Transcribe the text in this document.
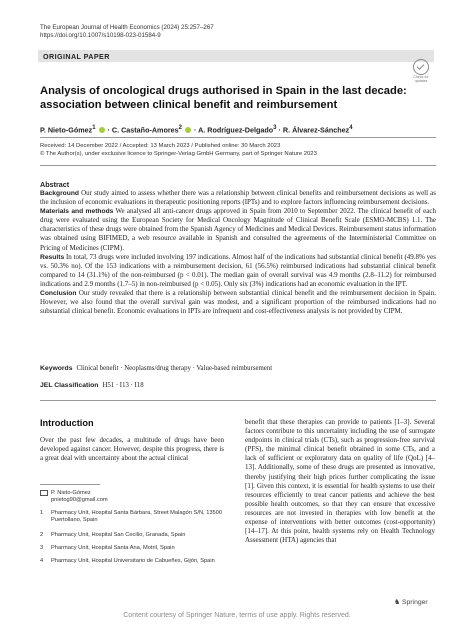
The European Journal of Health Economics (2024) 25:257–267
https://doi.org/10.1007/s10198-023-01584-9
ORIGINAL PAPER
Check for updates
Analysis of oncological drugs authorised in Spain in the last decade: association between clinical benefit and reimbursement
P. Nieto-Gómez$^1$  · C. Castaño-Amores$^2$  · A. Rodríguez-Delgado$^3$ · R. Álvarez-Sánchez$^4$
Received: 14 December 2022 / Accepted: 13 March 2023 / Published online: 30 March 2023
© The Author(s), under exclusive licence to Springer-Verlag GmbH Germany, part of Springer Nature 2023
Abstract

Background Our study aimed to assess whether there was a relationship between clinical benefits and reimbursement decisions as well as the inclusion of economic evaluations in therapeutic positioning reports (IPTs) and to explore factors influencing reimbursement decisions.

Materials and methods We analysed all anti-cancer drugs approved in Spain from 2010 to September 2022. The clinical benefit of each drug were evaluated using the European Society for Medical Oncology Magnitude of Clinical Benefit Scale (ESMO-MCBS) 1.1. The characteristics of these drugs were obtained from the Spanish Agency of Medicines and Medical Devices. Reimbursement status information was obtained using BIFIMED, a web resource available in Spanish and consulted the agreements of the Interministerial Committee on Pricing of Medicines (CIPM).

Results In total, 73 drugs were included involving 197 indications. Almost half of the indications had substantial clinical benefit (49.8% yes vs. 50.3% no). Of the 153 indications with a reimbursement decision, 61 (56.5%) reimbursed indications had substantial clinical benefit compared to 14 (31.1%) of the non-reimbursed (p < 0.01). The median gain of overall survival was 4.9 months (2.8–11.2) for reimbursed indications and 2.9 months (1.7–5) in non-reimbursed (p < 0.05). Only six (3%) indications had an economic evaluation in the IPT.

Conclusion Our study revealed that there is a relationship between substantial clinical benefit and the reimbursement decision in Spain. However, we also found that the overall survival gain was modest, and a significant proportion of the reimbursed indications had no substantial clinical benefit. Economic evaluations in IPTs are infrequent and cost-effectiveness analysis is not provided by CIPM.

Keywords Clinical benefit · Neoplasms/drug therapy · Value-based reimbursement
JEL Classification H51 · I13 · I18
Introduction

Over the past few decades, a multitude of drugs have been developed against cancer. However, despite this progress, there is a great deal with uncertainty about the actual clinical

P. Nieto-Gómez
pnietog90@gmail.com
1 Pharmacy Unit, Hospital Santa Bárbara, Street Malagón S/N, 13500 Puertollano, Spain
2 Pharmacy Unit, Hospital San Cecilio, Granada, Spain
3 Pharmacy Unit, Hospital Santa Ana, Motril, Spain
4 Pharmacy Unit, Hospital Universitario de Cabueñes, Gijón, Spain

benefit that these therapies can provide to patients [1–3]. Several factors contribute to this uncertainty including the use of surrogate endpoints in clinical trials (CTs), such as progression-free survival (PFS), the minimal clinical benefit obtained in some CTs, and a lack of sufficient or exploratory data on quality of life (QoL) [4–13]. Additionally, some of these drugs are presented as innovative, thereby justifying their high prices further complicating the issue [1]. Given this context, it is essential for health systems to use their resources efficiently to treat cancer patients and achieve the best possible health outcomes, so that they can ensure that excessive resources are not invested in therapies with low benefit at the expense of interventions with better outcomes (cost-opportunity) [14–17]. At this point, health systems rely on Health Technology Assessment (HTA) agencies that

♞ Springer
Content courtesy of Springer Nature, terms of use apply. Rights reserved.
